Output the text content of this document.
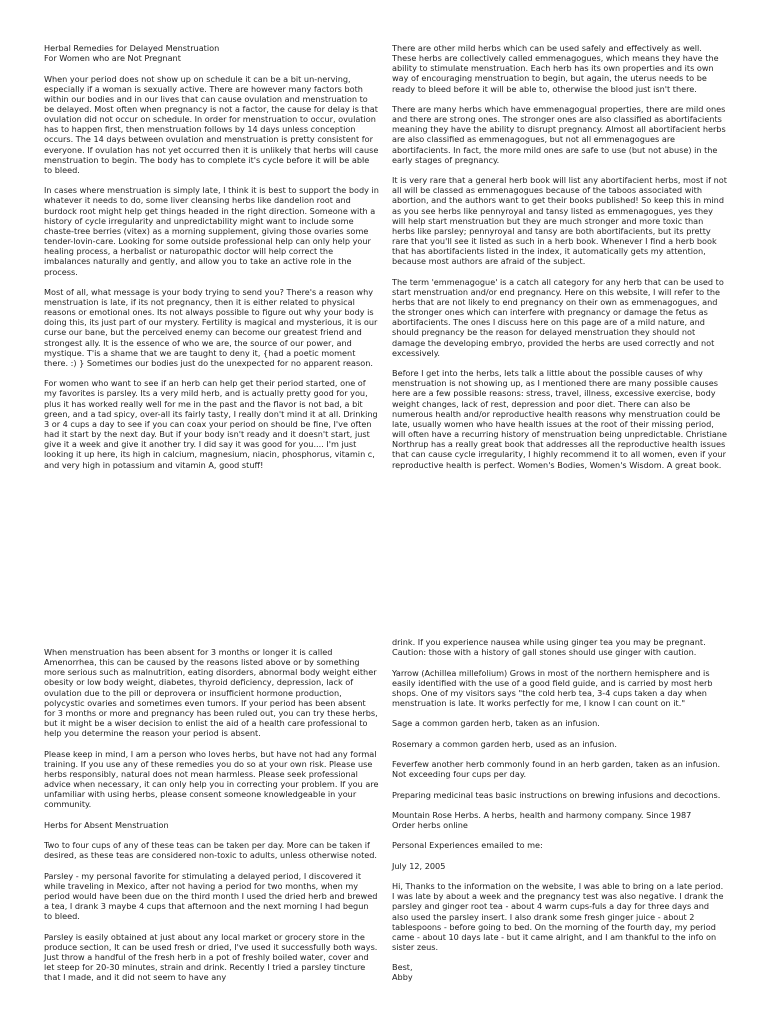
Herbal Remedies for Delayed Menstruation

For Women who are Not Pregnant

When your period does not show up on schedule it can be a bit un-nerving, especially if a woman is sexually active. There are however many factors both within our bodies and in our lives that can cause ovulation and menstruation to be delayed. Most often when pregnancy is not a factor, the cause for delay is that ovulation did not occur on schedule. In order for menstruation to occur, ovulation has to happen first, then menstruation follows by 14 days unless conception occurs. The 14 days between ovulation and menstruation is pretty consistent for everyone. If ovulation has not yet occurred then it is unlikely that herbs will cause menstruation to begin. The body has to complete it's cycle before it will be able to bleed.

In cases where menstruation is simply late, I think it is best to support the body in whatever it needs to do, some liver cleansing herbs like dandelion root and burdock root might help get things headed in the right direction. Someone with a history of cycle irregularity and unpredictability might want to include some chaste-tree berries (vitex) as a morning supplement, giving those ovaries some tender-lovin-care. Looking for some outside professional help can only help your healing process, a herbalist or naturopathic doctor will help correct the imbalances naturally and gently, and allow you to take an active role in the process.

Most of all, what message is your body trying to send you? There's a reason why menstruation is late, if its not pregnancy, then it is either related to physical reasons or emotional ones. Its not always possible to figure out why your body is doing this, its just part of our mystery. Fertility is magical and mysterious, it is our curse our bane, but the perceived enemy can become our greatest friend and strongest ally. It is the essence of who we are, the source of our power, and mystique. T'is a shame that we are taught to deny it, {had a poetic moment there. :) } Sometimes our bodies just do the unexpected for no apparent reason.

For women who want to see if an herb can help get their period started, one of my favorites is parsley. Its a very mild herb, and is actually pretty good for you, plus it has worked really well for me in the past and the flavor is not bad, a bit green, and a tad spicy, over-all its fairly tasty, I really don't mind it at all. Drinking 3 or 4 cups a day to see if you can coax your period on should be fine, I've often had it start by the next day. But if your body isn't ready and it doesn't start, just give it a week and give it another try. I did say it was good for you.... I'm just looking it up here, its high in calcium, magnesium, niacin, phosphorus, vitamin c, and very high in potassium and vitamin A, good stuff!

There are other mild herbs which can be used safely and effectively as well. These herbs are collectively called emmenagogues, which means they have the ability to stimulate menstruation. Each herb has its own properties and its own way of encouraging menstruation to begin, but again, the uterus needs to be ready to bleed before it will be able to, otherwise the blood just isn't there.

There are many herbs which have emmenagogual properties, there are mild ones and there are strong ones. The stronger ones are also classified as abortifacients meaning they have the ability to disrupt pregnancy. Almost all abortifacient herbs are also classified as emmenagogues, but not all emmenagogues are abortifacients. In fact, the more mild ones are safe to use (but not abuse) in the early stages of pregnancy.

It is very rare that a general herb book will list any abortifacient herbs, most if not all will be classed as emmenagogues because of the taboos associated with abortion, and the authors want to get their books published! So keep this in mind as you see herbs like pennyroyal and tansy listed as emmenagogues, yes they will help start menstruation but they are much stronger and more toxic than herbs like parsley; pennyroyal and tansy are both abortifacients, but its pretty rare that you'll see it listed as such in a herb book. Whenever I find a herb book that has abortifacients listed in the index, it automatically gets my attention, because most authors are afraid of the subject.

The term 'emmenagogue' is a catch all category for any herb that can be used to start menstruation and/or end pregnancy. Here on this website, I will refer to the herbs that are not likely to end pregnancy on their own as emmenagogues, and the stronger ones which can interfere with pregnancy or damage the fetus as abortifacients. The ones I discuss here on this page are of a mild nature, and should pregnancy be the reason for delayed menstruation they should not damage the developing embryo, provided the herbs are used correctly and not excessively.

Before I get into the herbs, lets talk a little about the possible causes of why menstruation is not showing up, as I mentioned there are many possible causes here are a few possible reasons: stress, travel, illness, excessive exercise, body weight changes, lack of rest, depression and poor diet. There can also be numerous health and/or reproductive health reasons why menstruation could be late, usually women who have health issues at the root of their missing period, will often have a recurring history of menstruation being unpredictable. Christiane Northrup has a really great book that addresses all the reproductive health issues that can cause cycle irregularity, I highly recommend it to all women, even if your reproductive health is perfect. Women's Bodies, Women's Wisdom. A great book.

When menstruation has been absent for 3 months or longer it is called Amenorrhea, this can be caused by the reasons listed above or by something more serious such as malnutrition, eating disorders, abnormal body weight either obesity or low body weight, diabetes, thyroid deficiency, depression, lack of ovulation due to the pill or deprovera or insufficient hormone production, polycystic ovaries and sometimes even tumors. If your period has been absent for 3 months or more and pregnancy has been ruled out, you can try these herbs, but it might be a wiser decision to enlist the aid of a health care professional to help you determine the reason your period is absent.

Please keep in mind, I am a person who loves herbs, but have not had any formal training. If you use any of these remedies you do so at your own risk. Please use herbs responsibly, natural does not mean harmless. Please seek professional advice when necessary, it can only help you in correcting your problem. If you are unfamiliar with using herbs, please consent someone knowledgeable in your community.

Herbs for Absent Menstruation

Two to four cups of any of these teas can be taken per day. More can be taken if desired, as these teas are considered non-toxic to adults, unless otherwise noted.

Parsley - my personal favorite for stimulating a delayed period, I discovered it while traveling in Mexico, after not having a period for two months, when my period would have been due on the third month I used the dried herb and brewed a tea, I drank 3 maybe 4 cups that afternoon and the next morning I had begun to bleed.

Parsley is easily obtained at just about any local market or grocery store in the produce section, It can be used fresh or dried, I've used it successfully both ways. Just throw a handful of the fresh herb in a pot of freshly boiled water, cover and let steep for 20-30 minutes, strain and drink. Recently I tried a parsley tincture that I made, and it did not seem to have any

drink. If you experience nausea while using ginger tea you may be pregnant.

Caution: those with a history of gall stones should use ginger with caution.

Yarrow (Achillea millefolium) Grows in most of the northern hemisphere and is easily identified with the use of a good field guide, and is carried by most herb shops. One of my visitors says "the cold herb tea, 3-4 cups taken a day when menstruation is late. It works perfectly for me, I know I can count on it."

Sage a common garden herb, taken as an infusion.

Rosemary a common garden herb, used as an infusion.

Feverfew another herb commonly found in an herb garden, taken as an infusion. Not exceeding four cups per day.

Preparing medicinal teas basic instructions on brewing infusions and decoctions.

Mountain Rose Herbs. A herbs, health and harmony company. Since 1987

Order herbs online

Personal Experiences emailed to me:

July 12, 2005

Hi, Thanks to the information on the website, I was able to bring on a late period. I was late by about a week and the pregnancy test was also negative. I drank the parsley and ginger root tea - about 4 warm cups-fuls a day for three days and also used the parsley insert. I also drank some fresh ginger juice - about 2 tablespoons - before going to bed. On the morning of the fourth day, my period came - about 10 days late - but it came alright, and I am thankful to the info on sister zeus.

Best,

Abby
